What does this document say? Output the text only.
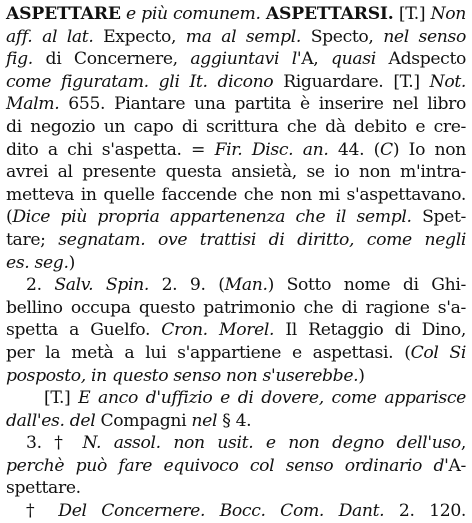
ASPETTARE e più comunem. ASPETTARSI. [T.] Non
aff. al lat. Expecto, ma al sempl. Specto, nel senso
fig. di Concernere, aggiuntavi l'A, quasi Adspecto
come figuratam. gli It. dicono Riguardare. [T.] Not.
Malm. 655. Piantare una partita è inserire nel libro
di negozio un capo di scrittura che dà debito e cre-
dito a chi s'aspetta. = Fir. Disc. an. 44. (C) Io non
avrei al presente questa ansietà, se io non m'intra-
metteva in quelle faccende che non mi s'aspettavano.
(Dice più propria appartenenza che il sempl. Spet-
tare; segnatam. ove trattisi di diritto, come negli
es. seg.)
2. Salv. Spin. 2. 9. (Man.) Sotto nome di Ghi-
bellino occupa questo patrimonio che di ragione s'a-
spetta a Guelfo. Cron. Morel. Il Retaggio di Dino,
per la metà a lui s'appartiene e aspettasi. (Col Si
posposto, in questo senso non s'userebbe.)
[T.] E anco d'uffizio e di dovere, come apparisce
dall'es. del Compagni nel § 4.
3. † N. assol. non usit. e non degno dell'uso,
perchè può fare equivoco col senso ordinario d'A-
spettare.
† Del Concernere. Bocc. Com. Dant. 2. 120.
